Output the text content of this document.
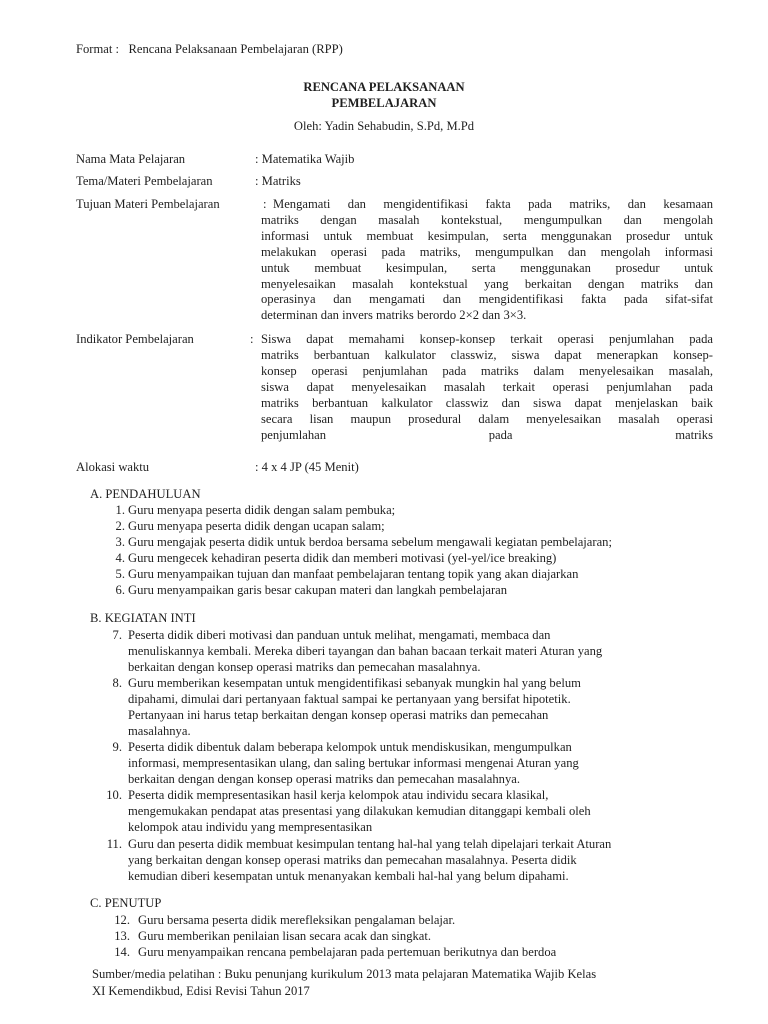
Format : Rencana Pelaksanaan Pembelajaran (RPP)
RENCANA PELAKSANAAN
PEMBELAJARAN
Oleh: Yadin Sehabudin, S.Pd, M.Pd
Nama Mata Pelajaran	: Matematika Wajib
Tema/Materi Pembelajaran	: Matriks
Tujuan Materi Pembelajaran	: Mengamati dan mengidentifikasi fakta pada matriks, dan kesamaan
matriks dengan masalah kontekstual, mengumpulkan dan mengolah
informasi untuk membuat kesimpulan, serta menggunakan prosedur untuk
melakukan operasi pada matriks, mengumpulkan dan mengolah informasi
untuk membuat kesimpulan, serta menggunakan prosedur untuk
menyelesaikan masalah kontekstual yang berkaitan dengan matriks dan
operasinya dan mengamati dan mengidentifikasi fakta pada sifat-sifat
determinan dan invers matriks berordo 2×2 dan 3×3.
Indikator Pembelajaran	: Siswa dapat memahami konsep-konsep terkait operasi penjumlahan pada
matriks berbantuan kalkulator classwiz, siswa dapat menerapkan konsep-
konsep operasi penjumlahan pada matriks dalam menyelesaikan masalah,
siswa dapat menyelesaikan masalah terkait operasi penjumlahan pada
matriks berbantuan kalkulator classwiz dan siswa dapat menjelaskan baik
secara lisan maupun prosedural dalam menyelesaikan masalah operasi
penjumlahan pada matriks
Alokasi waktu	: 4 x 4 JP (45 Menit)
A. PENDAHULUAN
1. Guru menyapa peserta didik dengan salam pembuka;
2. Guru menyapa peserta didik dengan ucapan salam;
3. Guru mengajak peserta didik untuk berdoa bersama sebelum mengawali kegiatan pembelajaran;
4. Guru mengecek kehadiran peserta didik dan memberi motivasi (yel-yel/ice breaking)
5. Guru menyampaikan tujuan dan manfaat pembelajaran tentang topik yang akan diajarkan
6. Guru menyampaikan garis besar cakupan materi dan langkah pembelajaran
B. KEGIATAN INTI
7. Peserta didik diberi motivasi dan panduan untuk melihat, mengamati, membaca dan
menuliskannya kembali. Mereka diberi tayangan dan bahan bacaan terkait materi Aturan yang
berkaitan dengan konsep operasi matriks dan pemecahan masalahnya.
8. Guru memberikan kesempatan untuk mengidentifikasi sebanyak mungkin hal yang belum
dipahami, dimulai dari pertanyaan faktual sampai ke pertanyaan yang bersifat hipotetik.
Pertanyaan ini harus tetap berkaitan dengan konsep operasi matriks dan pemecahan
masalahnya.
9. Peserta didik dibentuk dalam beberapa kelompok untuk mendiskusikan, mengumpulkan
informasi, mempresentasikan ulang, dan saling bertukar informasi mengenai Aturan yang
berkaitan dengan dengan konsep operasi matriks dan pemecahan masalahnya.
10. Peserta didik mempresentasikan hasil kerja kelompok atau individu secara klasikal,
mengemukakan pendapat atas presentasi yang dilakukan kemudian ditanggapi kembali oleh
kelompok atau individu yang mempresentasikan
11. Guru dan peserta didik membuat kesimpulan tentang hal-hal yang telah dipelajari terkait Aturan
yang berkaitan dengan konsep operasi matriks dan pemecahan masalahnya. Peserta didik
kemudian diberi kesempatan untuk menanyakan kembali hal-hal yang belum dipahami.
C. PENUTUP
12. Guru bersama peserta didik merefleksikan pengalaman belajar.
13. Guru memberikan penilaian lisan secara acak dan singkat.
14. Guru menyampaikan rencana pembelajaran pada pertemuan berikutnya dan berdoa
Sumber/media pelatihan : Buku penunjang kurikulum 2013 mata pelajaran Matematika Wajib Kelas
XI Kemendikbud, Edisi Revisi Tahun 2017
